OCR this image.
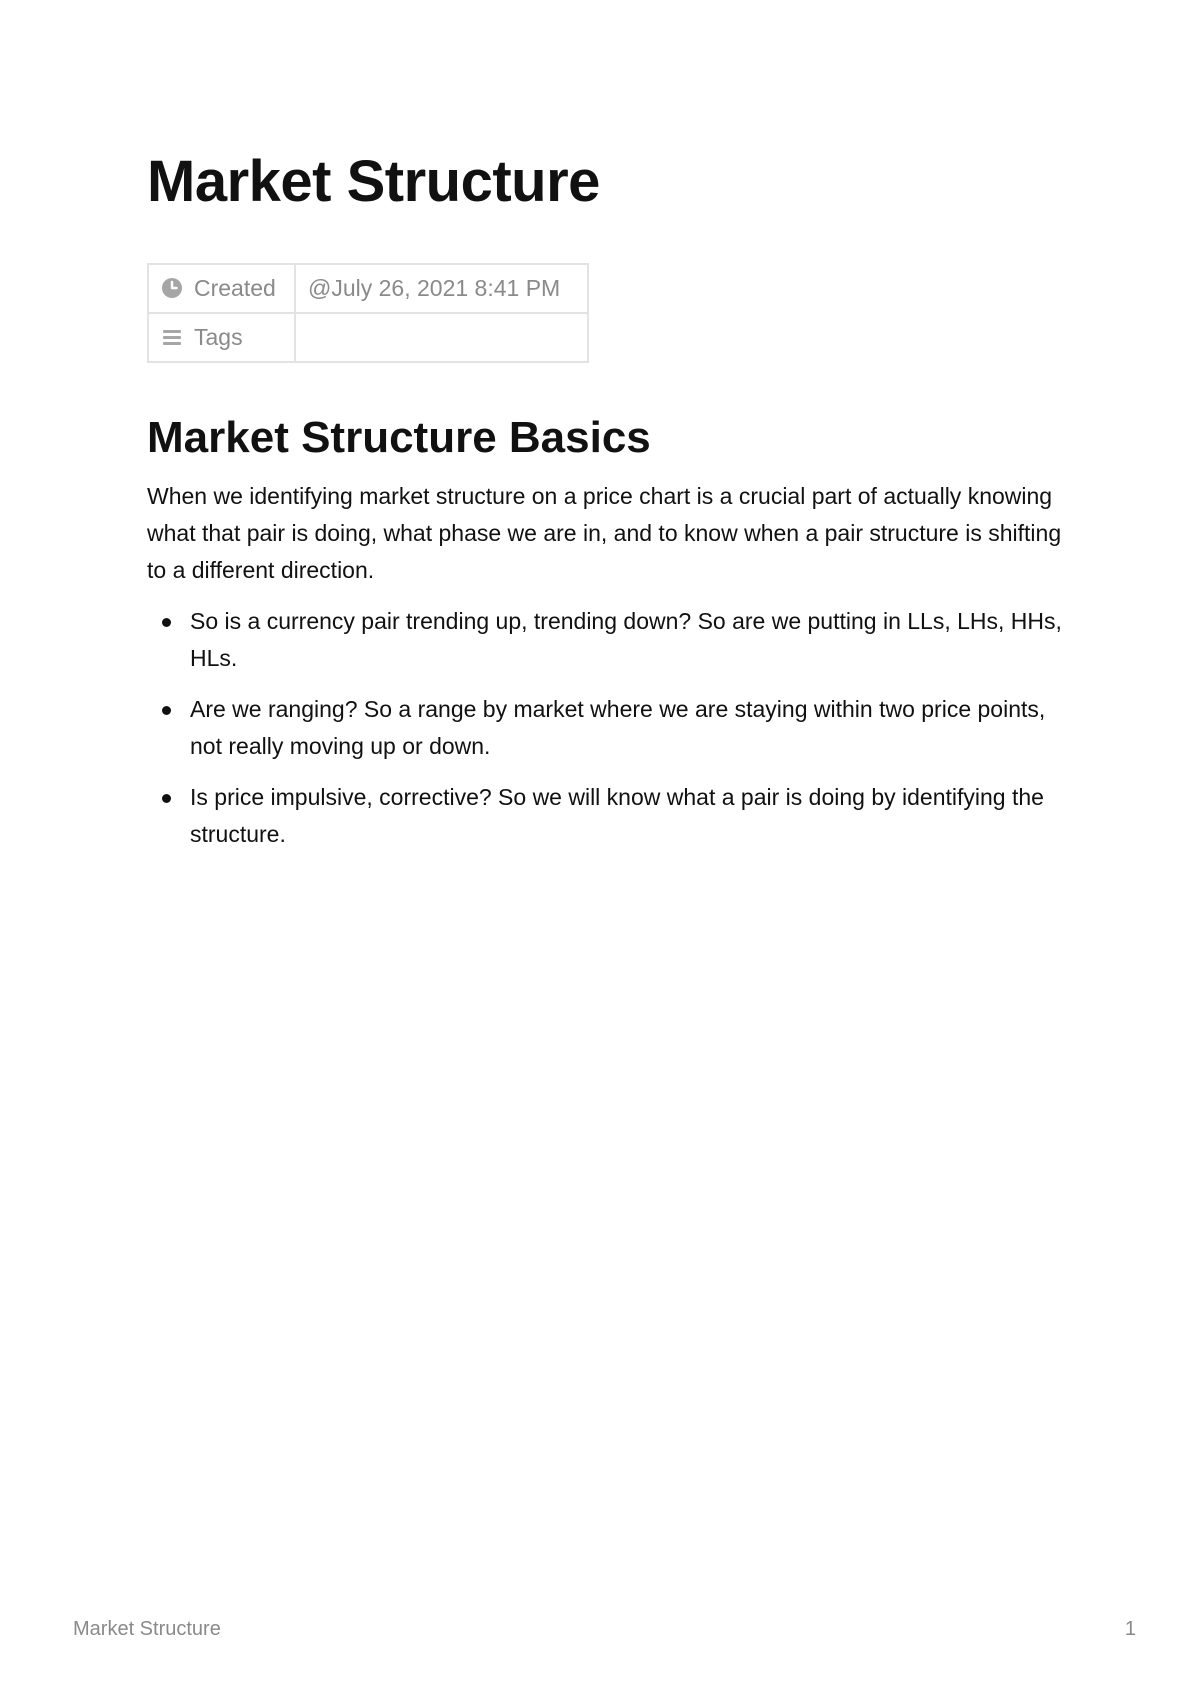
Market Structure
Created	@July 26, 2021 8:41 PM
Tags	
Market Structure Basics

When we identifying market structure on a price chart is a crucial part of actually knowing what that pair is doing, what phase we are in, and to know when a pair structure is shifting to a different direction.

So is a currency pair trending up, trending down? So are we putting in LLs, LHs, HHs, HLs.
Are we ranging? So a range by market where we are staying within two price points, not really moving up or down.
Is price impulsive, corrective? So we will know what a pair is doing by identifying the structure.
Market Structure	1
